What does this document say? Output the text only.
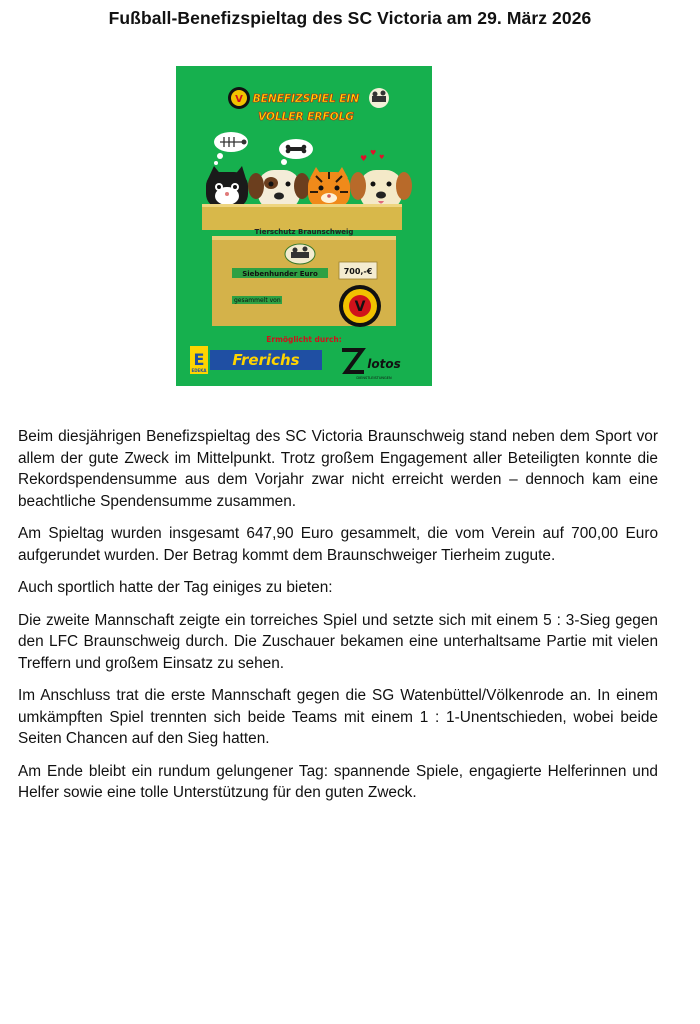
Fußball-Benefizspieltag des SC Victoria am 29. März 2026
V BENEFIZSPIEL EIN
VOLLER ERFOLG
♥
♥
♥
Tierschutz Braunschweig
Siebenhunder Euro	700,-€
gesammelt von	V
Ermöglicht durch:
E
EDEKA
Frerichs	lotos
DIENSTLEISTUNGEN

Beim diesjährigen Benefizspieltag des SC Victoria Braunschweig stand neben dem Sport vor allem der gute Zweck im Mittelpunkt. Trotz großem Engagement aller Beteiligten konnte die Rekordspendensumme aus dem Vorjahr zwar nicht erreicht werden – dennoch kam eine beachtliche Spendensumme zusammen.

Am Spieltag wurden insgesamt 647,90 Euro gesammelt, die vom Verein auf 700,00 Euro aufgerundet wurden. Der Betrag kommt dem Braunschweiger Tierheim zugute.

Auch sportlich hatte der Tag einiges zu bieten:

Die zweite Mannschaft zeigte ein torreiches Spiel und setzte sich mit einem 5 : 3-Sieg gegen den LFC Braunschweig durch. Die Zuschauer bekamen eine unterhaltsame Partie mit vielen Treffern und großem Einsatz zu sehen.

Im Anschluss trat die erste Mannschaft gegen die SG Watenbüttel/Völkenrode an. In einem umkämpften Spiel trennten sich beide Teams mit einem 1 : 1-Unentschieden, wobei beide Seiten Chancen auf den Sieg hatten.

Am Ende bleibt ein rundum gelungener Tag: spannende Spiele, engagierte Helferinnen und Helfer sowie eine tolle Unterstützung für den guten Zweck.
